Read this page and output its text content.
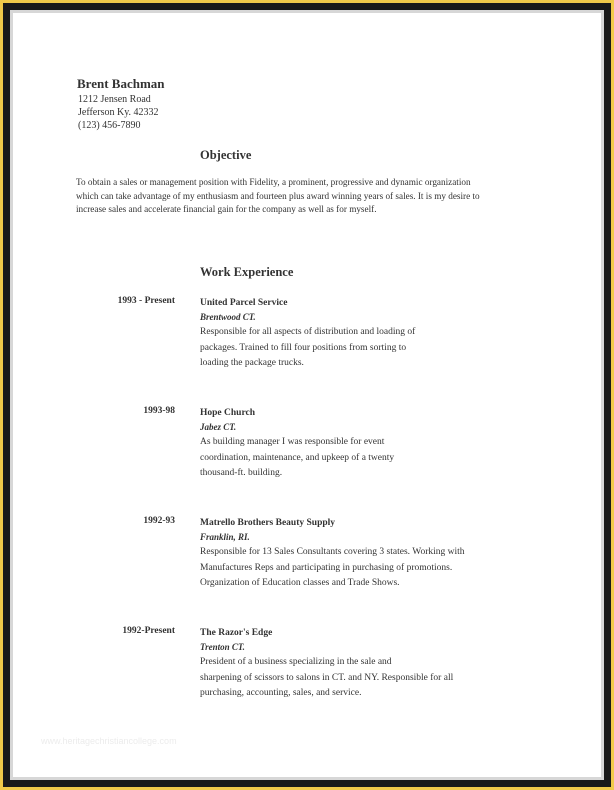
Brent Bachman
1212 Jensen Road
Jefferson Ky. 42332
(123) 456-7890
Objective
To obtain a sales or management position with Fidelity, a prominent, progressive and dynamic organization
which can take advantage of my enthusiasm and fourteen plus award winning years of sales. It is my desire to
increase sales and accelerate financial gain for the company as well as for myself.
Work Experience
1993 - Present	United Parcel Service
Brentwood CT.
Responsible for all aspects of distribution and loading of
packages. Trained to fill four positions from sorting to
loading the package trucks.
1993-98	Hope Church
Jabez CT.
As building manager I was responsible for event
coordination, maintenance, and upkeep of a twenty
thousand-ft. building.
1992-93	Matrello Brothers Beauty Supply
Franklin, RI.
Responsible for 13 Sales Consultants covering 3 states. Working with
Manufactures Reps and participating in purchasing of promotions.
Organization of Education classes and Trade Shows.
1992-Present	The Razor's Edge
Trenton CT.
President of a business specializing in the sale and
sharpening of scissors to salons in CT. and NY. Responsible for all
purchasing, accounting, sales, and service.
www.heritagechristiancollege.com
